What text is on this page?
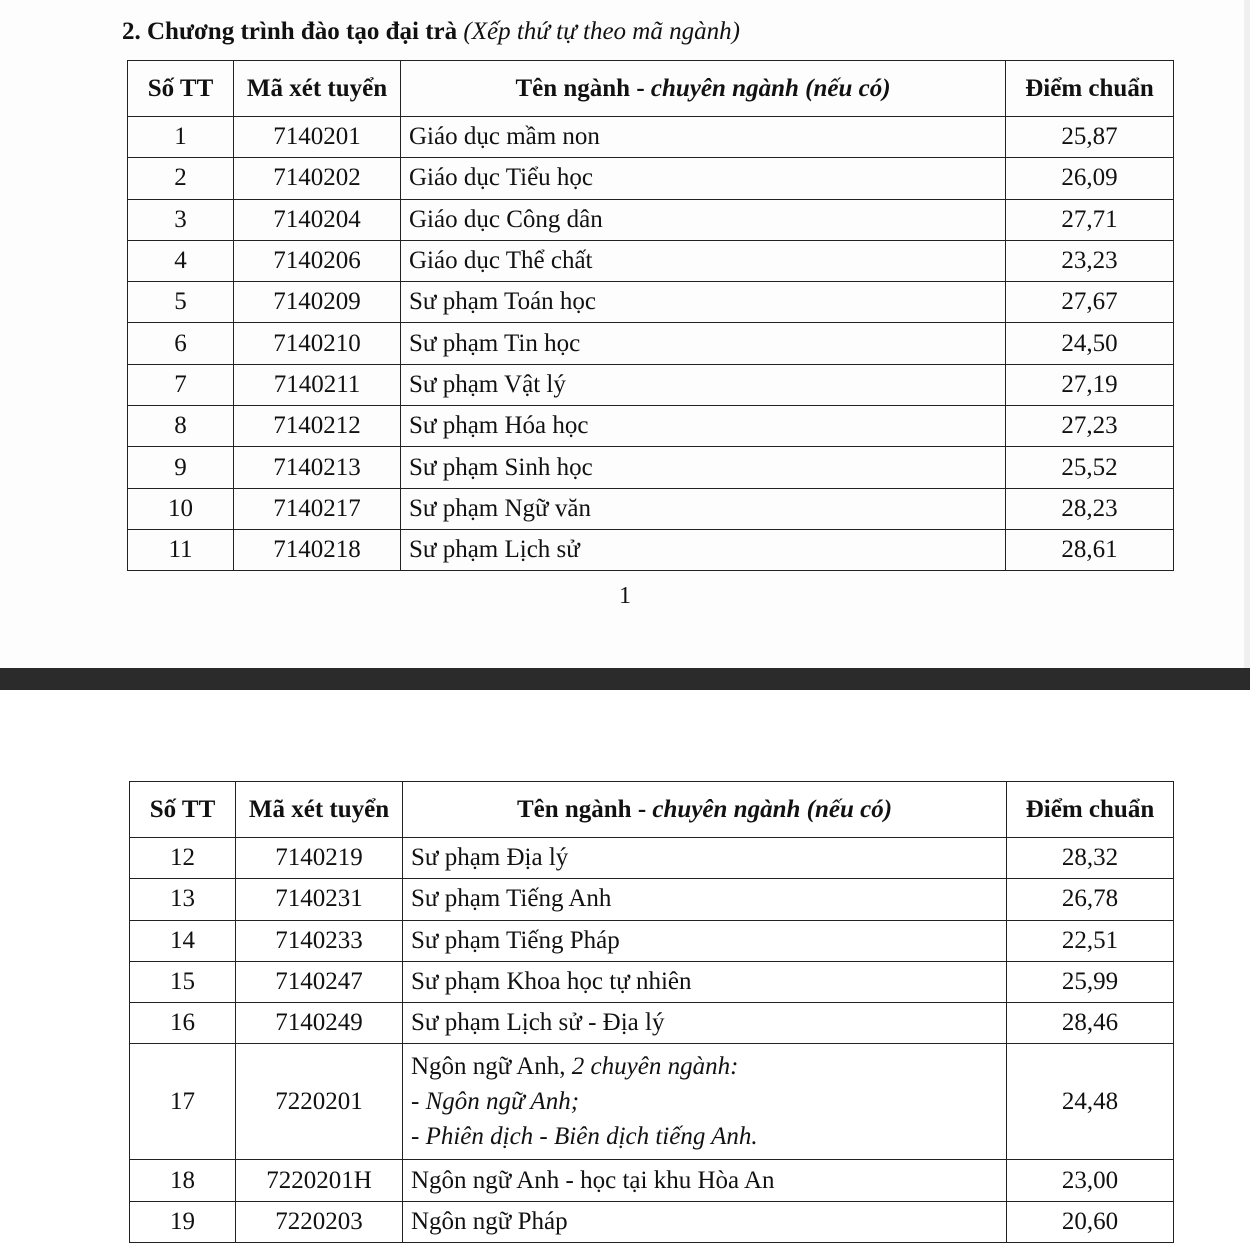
2. Chương trình đào tạo đại trà (Xếp thứ tự theo mã ngành)
Số TT	Mã xét tuyển	Tên ngành - chuyên ngành (nếu có)	Điểm chuẩn
1	7140201	Giáo dục mầm non	25,87
2	7140202	Giáo dục Tiểu học	26,09
3	7140204	Giáo dục Công dân	27,71
4	7140206	Giáo dục Thể chất	23,23
5	7140209	Sư phạm Toán học	27,67
6	7140210	Sư phạm Tin học	24,50
7	7140211	Sư phạm Vật lý	27,19
8	7140212	Sư phạm Hóa học	27,23
9	7140213	Sư phạm Sinh học	25,52
10	7140217	Sư phạm Ngữ văn	28,23
11	7140218	Sư phạm Lịch sử	28,61
1
Số TT	Mã xét tuyển	Tên ngành - chuyên ngành (nếu có)	Điểm chuẩn
12	7140219	Sư phạm Địa lý	28,32
13	7140231	Sư phạm Tiếng Anh	26,78
14	7140233	Sư phạm Tiếng Pháp	22,51
15	7140247	Sư phạm Khoa học tự nhiên	25,99
16	7140249	Sư phạm Lịch sử - Địa lý	28,46
17	7220201	Ngôn ngữ Anh, 2 chuyên ngành:
- Ngôn ngữ Anh;
- Phiên dịch - Biên dịch tiếng Anh.	24,48
18	7220201H	Ngôn ngữ Anh - học tại khu Hòa An	23,00
19	7220203	Ngôn ngữ Pháp	20,60
